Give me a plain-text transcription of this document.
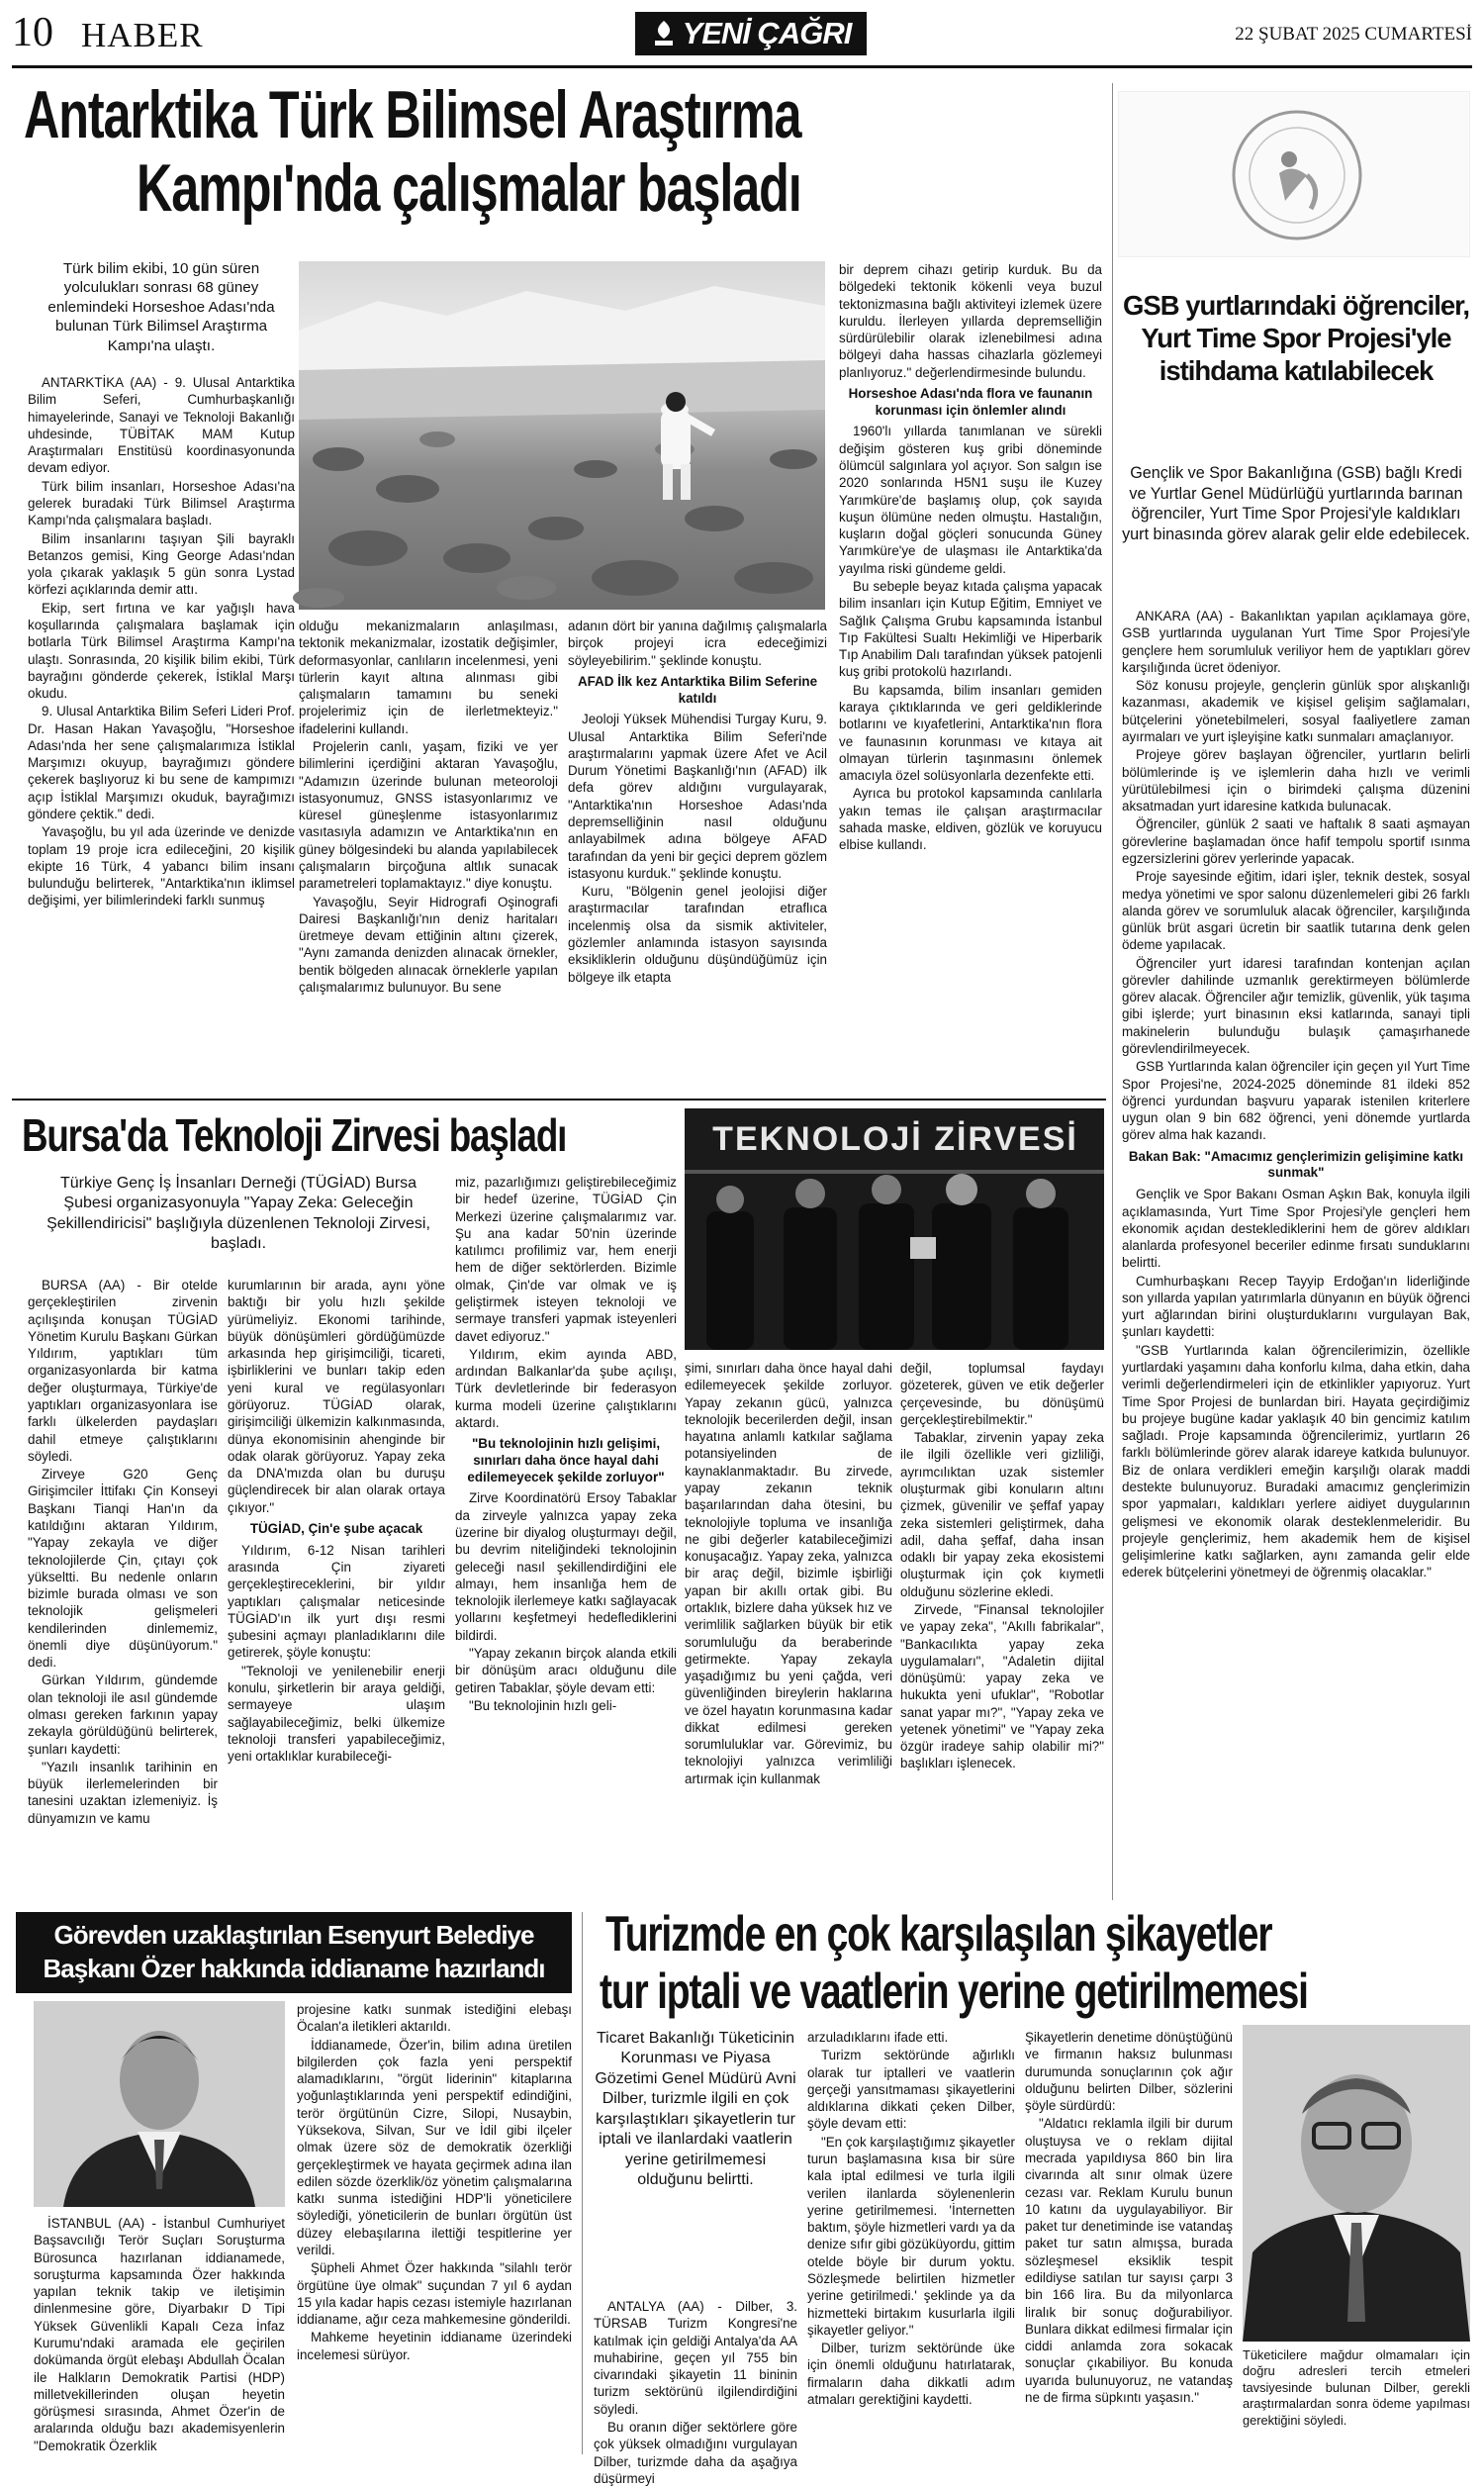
10 HABER	YENİ ÇAĞRI	22 ŞUBAT 2025 CUMARTESİ
Antarktika Türk Bilimsel Araştırma
Kampı'nda çalışmalar başladı
Türk bilim ekibi, 10 gün süren yolculukları sonrası 68 güney enlemindeki Horseshoe Adası'nda bulunan Türk Bilimsel Araştırma Kampı'na ulaştı.

ANTARKTİKA (AA) - 9. Ulusal Antarktika Bilim Seferi, Cumhurbaşkanlığı himayelerinde, Sanayi ve Teknoloji Bakanlığı uhdesinde, TÜBİTAK MAM Kutup Araştırmaları Enstitüsü koordinasyonunda devam ediyor.

Türk bilim insanları, Horseshoe Adası'na gelerek buradaki Türk Bilimsel Araştırma Kampı'nda çalışmalara başladı.

Bilim insanlarını taşıyan Şili bayraklı Betanzos gemisi, King George Adası'ndan yola çıkarak yaklaşık 5 gün sonra Lystad körfezi açıklarında demir attı.

Ekip, sert fırtına ve kar yağışlı hava koşullarında çalışmalara başlamak için botlarla Türk Bilimsel Araştırma Kampı'na ulaştı. Sonrasında, 20 kişilik bilim ekibi, Türk bayrağını gönderde çekerek, İstiklal Marşı okudu.

9. Ulusal Antarktika Bilim Seferi Lideri Prof. Dr. Hasan Hakan Yavaşoğlu, "Horseshoe Adası'nda her sene çalışmalarımıza İstiklal Marşımızı okuyup, bayrağımızı göndere çekerek başlıyoruz ki bu sene de kampımızı açıp İstiklal Marşımızı okuduk, bayrağımızı göndere çektik." dedi.

Yavaşoğlu, bu yıl ada üzerinde ve denizde toplam 19 proje icra edileceğini, 20 kişilik ekipte 16 Türk, 4 yabancı bilim insanı bulunduğu belirterek, "Antarktika'nın iklimsel değişimi, yer bilimlerindeki farklı sunmuş

olduğu mekanizmaların anlaşılması, tektonik mekanizmalar, izostatik değişimler, deformasyonlar, canlıların incelenmesi, yeni türlerin kayıt altına alınması gibi çalışmaların tamamını bu seneki projelerimiz için de ilerletmekteyiz." ifadelerini kullandı.

Projelerin canlı, yaşam, fiziki ve yer bilimlerini içerdiğini aktaran Yavaşoğlu, "Adamızın üzerinde bulunan meteoroloji istasyonumuz, GNSS istasyonlarımız ve küresel güneşlenme istasyonlarımız vasıtasıyla adamızın ve Antarktika'nın en güney bölgesindeki bu alanda yapılabilecek çalışmaların birçoğuna altlık sunacak parametreleri toplamaktayız." diye konuştu.

Yavaşoğlu, Seyir Hidrografi Oşinografi Dairesi Başkanlığı'nın deniz haritaları üretmeye devam ettiğinin altını çizerek, "Aynı zamanda denizden alınacak örnekler, bentik bölgeden alınacak örneklerle yapılan çalışmalarımız bulunuyor. Bu sene

adanın dört bir yanına dağılmış çalışmalarla birçok projeyi icra edeceğimizi söyleyebilirim." şeklinde konuştu.

AFAD İlk kez Antarktika Bilim Seferine katıldı

Jeoloji Yüksek Mühendisi Turgay Kuru, 9. Ulusal Antarktika Bilim Seferi'nde araştırmalarını yapmak üzere Afet ve Acil Durum Yönetimi Başkanlığı'nın (AFAD) ilk defa görev aldığını vurgulayarak, "Antarktika'nın Horseshoe Adası'nda depremselliğinin nasıl olduğunu anlayabilmek adına bölgeye AFAD tarafından da yeni bir geçici deprem gözlem istasyonu kurduk." şeklinde konuştu.

Kuru, "Bölgenin genel jeolojisi diğer araştırmacılar tarafından etraflıca incelenmiş olsa da sismik aktiviteler, gözlemler anlamında istasyon sayısında eksikliklerin olduğunu düşündüğümüz için bölgeye ilk etapta

bir deprem cihazı getirip kurduk. Bu da bölgedeki tektonik kökenli veya buzul tektonizmasına bağlı aktiviteyi izlemek üzere kuruldu. İlerleyen yıllarda depremselliğin sürdürülebilir olarak izlenebilmesi adına bölgeyi daha hassas cihazlarla gözlemeyi planlıyoruz." değerlendirmesinde bulundu.

Horseshoe Adası'nda flora ve faunanın korunması için önlemler alındı

1960'lı yıllarda tanımlanan ve sürekli değişim gösteren kuş gribi döneminde ölümcül salgınlara yol açıyor. Son salgın ise 2020 sonlarında H5N1 suşu ile Kuzey Yarımküre'de başlamış olup, çok sayıda kuşun ölümüne neden olmuştu. Hastalığın, kuşların doğal göçleri sonucunda Güney Yarımküre'ye de ulaşması ile Antarktika'da yayılma riski gündeme geldi.

Bu sebeple beyaz kıtada çalışma yapacak bilim insanları için Kutup Eğitim, Emniyet ve Sağlık Çalışma Grubu kapsamında İstanbul Tıp Fakültesi Sualtı Hekimliği ve Hiperbarik Tıp Anabilim Dalı tarafından yüksek patojenli kuş gribi protokolü hazırlandı.

Bu kapsamda, bilim insanları gemiden karaya çıktıklarında ve geri geldiklerinde botlarını ve kıyafetlerini, Antarktika'nın flora ve faunasının korunması ve kıtaya ait olmayan türlerin taşınmasını önlemek amacıyla özel solüsyonlarla dezenfekte etti.

Ayrıca bu protokol kapsamında canlılarla yakın temas ile çalışan araştırmacılar sahada maske, eldiven, gözlük ve koruyucu elbise kullandı.

GSB yurtlarındaki öğrenciler, Yurt Time Spor Projesi'yle istihdama katılabilecek
Gençlik ve Spor Bakanlığına (GSB) bağlı Kredi ve Yurtlar Genel Müdürlüğü yurtlarında barınan öğrenciler, Yurt Time Spor Projesi'yle kaldıkları yurt binasında görev alarak gelir elde edebilecek.

ANKARA (AA) - Bakanlıktan yapılan açıklamaya göre, GSB yurtlarında uygulanan Yurt Time Spor Projesi'yle gençlere hem sorumluluk veriliyor hem de yaptıkları görev karşılığında ücret ödeniyor.

Söz konusu projeyle, gençlerin günlük spor alışkanlığı kazanması, akademik ve kişisel gelişim sağlamaları, bütçelerini yönetebilmeleri, sosyal faaliyetlere zaman ayırmaları ve yurt işleyişine katkı sunmaları amaçlanıyor.

Projeye görev başlayan öğrenciler, yurtların belirli bölümlerinde iş ve işlemlerin daha hızlı ve verimli yürütülebilmesi için o birimdeki çalışma düzenini aksatmadan yurt idaresine katkıda bulunacak.

Öğrenciler, günlük 2 saati ve haftalık 8 saati aşmayan görevlerine başlamadan önce hafif tempolu sportif ısınma egzersizlerini görev yerlerinde yapacak.

Proje sayesinde eğitim, idari işler, teknik destek, sosyal medya yönetimi ve spor salonu düzenlemeleri gibi 26 farklı alanda görev ve sorumluluk alacak öğrenciler, karşılığında günlük brüt asgari ücretin bir saatlik tutarına denk gelen ödeme yapılacak.

Öğrenciler yurt idaresi tarafından kontenjan açılan görevler dahilinde uzmanlık gerektirmeyen bölümlerde görev alacak. Öğrenciler ağır temizlik, güvenlik, yük taşıma gibi işlerde; yurt binasının eksi katlarında, sanayi tipli makinelerin bulunduğu bulaşık çamaşırhanede görevlendirilmeyecek.

GSB Yurtlarında kalan öğrenciler için geçen yıl Yurt Time Spor Projesi'ne, 2024-2025 döneminde 81 ildeki 852 öğrenci yurdundan başvuru yaparak istenilen kriterlere uygun olan 9 bin 682 öğrenci, yeni dönemde yurtlarda görev alma hak kazandı.

Bakan Bak: "Amacımız gençlerimizin gelişimine katkı sunmak"

Gençlik ve Spor Bakanı Osman Aşkın Bak, konuyla ilgili açıklamasında, Yurt Time Spor Projesi'yle gençleri hem ekonomik açıdan desteklediklerini hem de görev aldıkları alanlarda profesyonel beceriler edinme fırsatı sunduklarını belirtti.

Cumhurbaşkanı Recep Tayyip Erdoğan'ın liderliğinde son yıllarda yapılan yatırımlarla dünyanın en büyük öğrenci yurt ağlarından birini oluşturduklarını vurgulayan Bak, şunları kaydetti:

"GSB Yurtlarında kalan öğrencilerimizin, özellikle yurtlardaki yaşamını daha konforlu kılma, daha etkin, daha verimli değerlendirmeleri için de etkinlikler yapıyoruz. Yurt Time Spor Projesi de bunlardan biri. Hayata geçirdiğimiz bu projeye bugüne kadar yaklaşık 40 bin gencimiz katılım sağladı. Proje kapsamında öğrencilerimiz, yurtların 26 farklı bölümlerinde görev alarak idareye katkıda bulunuyor. Biz de onlara verdikleri emeğin karşılığı olarak maddi destekte bulunuyoruz. Buradaki amacımız gençlerimizin spor yapmaları, kaldıkları yerlere aidiyet duygularının gelişmesi ve ekonomik olarak desteklenmeleridir. Bu projeyle gençlerimiz, hem akademik hem de kişisel gelişimlerine katkı sağlarken, aynı zamanda gelir elde ederek bütçelerini yönetmeyi de öğrenmiş olacaklar."

Bursa'da Teknoloji Zirvesi başladı
Türkiye Genç İş İnsanları Derneği (TÜGİAD) Bursa Şubesi organizasyonuyla "Yapay Zeka: Geleceğin Şekillendiricisi" başlığıyla düzenlenen Teknoloji Zirvesi, başladı.

BURSA (AA) - Bir otelde gerçekleştirilen zirvenin açılışında konuşan TÜGİAD Yönetim Kurulu Başkanı Gürkan Yıldırım, yaptıkları tüm organizasyonlarda bir katma değer oluşturmaya, Türkiye'de yaptıkları organizasyonlara ise farklı ülkelerden paydaşları dahil etmeye çalıştıklarını söyledi.

Zirveye G20 Genç Girişimciler İttifakı Çin Konseyi Başkanı Tianqi Han'ın da katıldığını aktaran Yıldırım, "Yapay zekayla ve diğer teknolojilerde Çin, çıtayı çok yükseltti. Bu nedenle onların bizimle burada olması ve son teknolojik gelişmeleri kendilerinden dinlememiz, önemli diye düşünüyorum." dedi.

Gürkan Yıldırım, gündemde olan teknoloji ile asıl gündemde olması gereken farkının yapay zekayla görüldüğünü belirterek, şunları kaydetti:

"Yazılı insanlık tarihinin en büyük ilerlemelerinden bir tanesini uzaktan izlemeniyiz. İş dünyamızın ve kamu

kurumlarının bir arada, aynı yöne baktığı bir yolu hızlı şekilde yürümeliyiz. Ekonomi tarihinde, büyük dönüşümleri gördüğümüzde arkasında hep girişimciliği, ticareti, işbirliklerini ve bunları takip eden yeni kural ve regülasyonları görüyoruz. TÜGİAD olarak, girişimciliği ülkemizin kalkınmasında, dünya ekonomisinin ahenginde bir odak olarak görüyoruz. Yapay zeka da DNA'mızda olan bu duruşu güçlendirecek bir alan olarak ortaya çıkıyor."

TÜGİAD, Çin'e şube açacak

Yıldırım, 6-12 Nisan tarihleri arasında Çin ziyareti gerçekleştireceklerini, bir yıldır yaptıkları çalışmalar neticesinde TÜGİAD'ın ilk yurt dışı resmi şubesini açmayı planladıklarını dile getirerek, şöyle konuştu:

"Teknoloji ve yenilenebilir enerji konulu, şirketlerin bir araya geldiği, sermayeye ulaşım sağlayabileceğimiz, belki ülkemize teknoloji transferi yapabileceğimiz, yeni ortaklıklar kurabileceği-

miz, pazarlığımızı geliştirebileceğimiz bir hedef üzerine, TÜGİAD Çin Merkezi üzerine çalışmalarımız var. Şu ana kadar 50'nin üzerinde katılımcı profilimiz var, hem enerji hem de diğer sektörlerden. Bizimle olmak, Çin'de var olmak ve iş geliştirmek isteyen teknoloji ve sermaye transferi yapmak isteyenleri davet ediyoruz."

Yıldırım, ekim ayında ABD, ardından Balkanlar'da şube açılışı, Türk devletlerinde bir federasyon kurma modeli üzerine çalıştıklarını aktardı.

"Bu teknolojinin hızlı gelişimi, sınırları daha önce hayal dahi edilemeyecek şekilde zorluyor"

Zirve Koordinatörü Ersoy Tabaklar da zirveyle yalnızca yapay zeka üzerine bir diyalog oluşturmayı değil, bu devrim niteliğindeki teknolojinin geleceği nasıl şekillendirdiğini ele almayı, hem insanlığa hem de teknolojik ilerlemeye katkı sağlayacak yollarını keşfetmeyi hedeflediklerini bildirdi.

"Yapay zekanın birçok alanda etkili bir dönüşüm aracı olduğunu dile getiren Tabaklar, şöyle devam etti:

"Bu teknolojinin hızlı geli-

TEKNOLOJİ ZİRVESİ

şimi, sınırları daha önce hayal dahi edilemeyecek şekilde zorluyor. Yapay zekanın gücü, yalnızca teknolojik becerilerden değil, insan hayatına anlamlı katkılar sağlama potansiyelinden de kaynaklanmaktadır. Bu zirvede, yapay zekanın teknik başarılarından daha ötesini, bu teknolojiyle topluma ve insanlığa ne gibi değerler katabileceğimizi konuşacağız. Yapay zeka, yalnızca bir araç değil, bizimle işbirliği yapan bir akıllı ortak gibi. Bu ortaklık, bizlere daha yüksek hız ve verimlilik sağlarken büyük bir etik sorumluluğu da beraberinde getirmekte. Yapay zekayla yaşadığımız bu yeni çağda, veri güvenliğinden bireylerin haklarına ve özel hayatın korunmasına kadar dikkat edilmesi gereken sorumluluklar var. Görevimiz, bu teknolojiyi yalnızca verimliliği artırmak için kullanmak

değil, toplumsal faydayı gözeterek, güven ve etik değerler çerçevesinde, bu dönüşümü gerçekleştirebilmektir."

Tabaklar, zirvenin yapay zeka ile ilgili özellikle veri gizliliği, ayrımcılıktan uzak sistemler oluşturmak gibi konuların altını çizmek, güvenilir ve şeffaf yapay zeka sistemleri geliştirmek, daha adil, daha şeffaf, daha insan odaklı bir yapay zeka ekosistemi oluşturmak için çok kıymetli olduğunu sözlerine ekledi.

Zirvede, "Finansal teknolojiler ve yapay zeka", "Akıllı fabrikalar", "Bankacılıkta yapay zeka uygulamaları", "Adaletin dijital dönüşümü: yapay zeka ve hukukta yeni ufuklar", "Robotlar sanat yapar mı?", "Yapay zeka ve yetenek yönetimi" ve "Yapay zeka özgür iradeye sahip olabilir mi?" başlıkları işlenecek.

Görevden uzaklaştırılan Esenyurt Belediye
Başkanı Özer hakkında iddianame hazırlandı

İSTANBUL (AA) - İstanbul Cumhuriyet Başsavcılığı Terör Suçları Soruşturma Bürosunca hazırlanan iddianamede, soruşturma kapsamında Özer hakkında yapılan teknik takip ve iletişimin dinlenmesine göre, Diyarbakır D Tipi Yüksek Güvenlikli Kapalı Ceza İnfaz Kurumu'ndaki aramada ele geçirilen dokümanda örgüt elebaşı Abdullah Öcalan ile Halkların Demokratik Partisi (HDP) milletvekillerinden oluşan heyetin görüşmesi sırasında, Ahmet Özer'in de aralarında olduğu bazı akademisyenlerin "Demokratik Özerklik

projesine katkı sunmak istediğini elebaşı Öcalan'a iletikleri aktarıldı.

İddianamede, Özer'in, bilim adına üretilen bilgilerden çok fazla yeni perspektif alamadıklarını, "örgüt liderinin" kitaplarına yoğunlaştıklarında yeni perspektif edindiğini, terör örgütünün Cizre, Silopi, Nusaybin, Yüksekova, Silvan, Sur ve İdil gibi ilçeler olmak üzere söz de demokratik özerkliği gerçekleştirmek ve hayata geçirmek adına ilan edilen sözde özerklik/öz yönetim çalışmalarına katkı sunma istediğini HDP'li yöneticilere söylediği, yöneticilerin de bunları örgütün üst düzey elebaşılarına ilettiği tespitlerine yer verildi.

Şüpheli Ahmet Özer hakkında "silahlı terör örgütüne üye olmak" suçundan 7 yıl 6 aydan 15 yıla kadar hapis cezası istemiyle hazırlanan iddianame, ağır ceza mahkemesine gönderildi.

Mahkeme heyetinin iddianame üzerindeki incelemesi sürüyor.

Turizmde en çok karşılaşılan şikayetler
tur iptali ve vaatlerin yerine getirilmemesi
Ticaret Bakanlığı Tüketicinin Korunması ve Piyasa Gözetimi Genel Müdürü Avni Dilber, turizmle ilgili en çok karşılaştıkları şikayetlerin tur iptali ve ilanlardaki vaatlerin yerine getirilmemesi olduğunu belirtti.

ANTALYA (AA) - Dilber, 3. TÜRSAB Turizm Kongresi'ne katılmak için geldiği Antalya'da AA muhabirine, geçen yıl 755 bin civarındaki şikayetin 11 bininin turizm sektörünü ilgilendirdiğini söyledi.

Bu oranın diğer sektörlere göre çok yüksek olmadığını vurgulayan Dilber, turizmde daha da aşağıya düşürmeyi

arzuladıklarını ifade etti.

Turizm sektöründe ağırlıklı olarak tur iptalleri ve vaatlerin gerçeği yansıtmaması şikayetlerini aldıklarına dikkati çeken Dilber, şöyle devam etti:

"En çok karşılaştığımız şikayetler turun başlamasına kısa bir süre kala iptal edilmesi ve turla ilgili verilen ilanlarda söylenenlerin yerine getirilmemesi. 'İnternetten baktım, şöyle hizmetleri vardı ya da denize sıfır gibi gözüküyordu, gittim otelde böyle bir durum yoktu. Sözleşmede belirtilen hizmetler yerine getirilmedi.' şeklinde ya da hizmetteki birtakım kusurlarla ilgili şikayetler geliyor."

Dilber, turizm sektöründe üke için önemli olduğunu hatırlatarak, firmaların daha dikkatli adım atmaları gerektiğini kaydetti.

Şikayetlerin denetime dönüştüğünü ve firmanın haksız bulunması durumunda sonuçlarının çok ağır olduğunu belirten Dilber, sözlerini şöyle sürdürdü:

"Aldatıcı reklamla ilgili bir durum oluştuysa ve o reklam dijital mecrada yapıldıysa 860 bin lira civarında alt sınır olmak üzere cezası var. Reklam Kurulu bunun 10 katını da uygulayabiliyor. Bir paket tur denetiminde ise vatandaş paket tur satın almışsa, burada sözleşmesel eksiklik tespit edildiyse satılan tur sayısı çarpı 3 bin 166 lira. Bu da milyonlarca liralık bir sonuç doğurabiliyor. Bunlara dikkat edilmesi firmalar için ciddi anlamda zora sokacak sonuçlar çıkabiliyor. Bu konuda uyarıda bulunuyoruz, ne vatandaş ne de firma süpkıntı yaşasın."

Tüketicilere mağdur olmamaları için doğru adresleri tercih etmeleri tavsiyesinde bulunan Dilber, gerekli araştırmalardan sonra ödeme yapılması gerektiğini söyledi.
